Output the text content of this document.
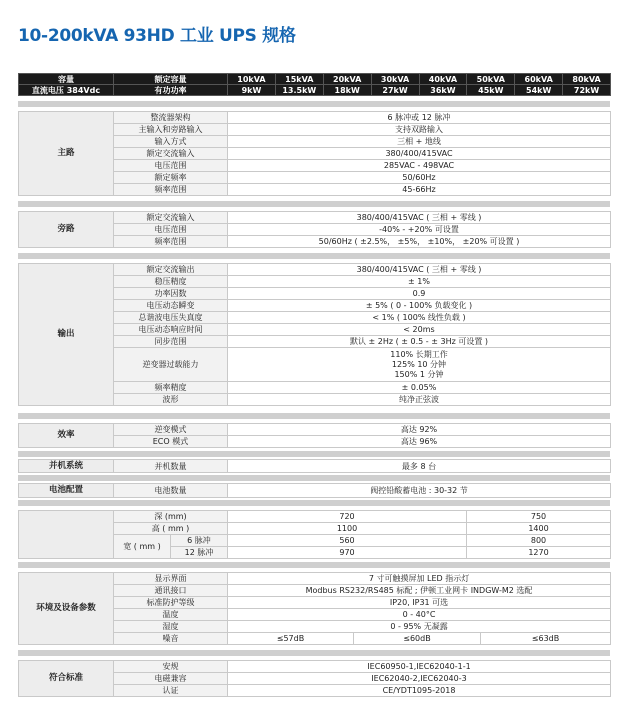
10-200kVA 93HD 工业 UPS 规格
容量	额定容量	10kVA	15kVA	20kVA	30kVA	40kVA	50kVA	60kVA	80kVA
直流电压 384Vdc	有功功率	9kW	13.5kW	18kW	27kW	36kW	45kW	54kW	72kW
主路	整流器架构	6 脉冲或 12 脉冲
	主输入和旁路输入	支持双路输入
	输入方式	三相 + 地线
	额定交流输入	380/400/415VAC
	电压范围	285VAC - 498VAC
	额定频率	50/60Hz
	频率范围	45-66Hz
旁路	额定交流输入	380/400/415VAC ( 三相 + 零线 )
	电压范围	-40% - +20% 可设置
	频率范围	50/60Hz ( ±2.5%， ±5%， ±10%， ±20% 可设置 )
输出	额定交流输出	380/400/415VAC ( 三相 + 零线 )
	稳压精度	± 1%
	功率因数	0.9
	电压动态瞬变	± 5% ( 0 - 100% 负载变化 )
	总谐波电压失真度	< 1% ( 100% 线性负载 )
	电压动态响应时间	< 20ms
	同步范围	默认 ± 2Hz ( ± 0.5 - ± 3Hz 可设置 )
	逆变器过载能力	110% 长期工作
125% 10 分钟
150% 1 分钟

	频率精度	± 0.05%
	波形	纯净正弦波
效率	逆变模式	高达 92%
	ECO 模式	高达 96%
并机系统	并机数量	最多 8 台
电池配置	电池数量	阀控铅酸蓄电池 : 30-32 节
	深 (mm)		720	750
	高 ( mm )		1100	1400
	宽 ( mm )	6 脉冲	560	800
		12 脉冲	970	1270
环境及设备参数	显示界面	7 寸可触摸屏加 LED 指示灯		
	通讯接口	Modbus RS232/RS485 标配 ; 伊顿工业网卡 INDGW-M2 选配		
	标准防护等级	IP20, IP31 可选		
	温度	0 - 40°C		
	湿度	0 - 95% 无凝露		
	噪音	≤57dB	≤60dB	≤63dB
符合标准	安规	IEC60950-1,IEC62040-1-1
	电磁兼容	IEC62040-2,IEC62040-3
	认证	CE/YDT1095-2018
